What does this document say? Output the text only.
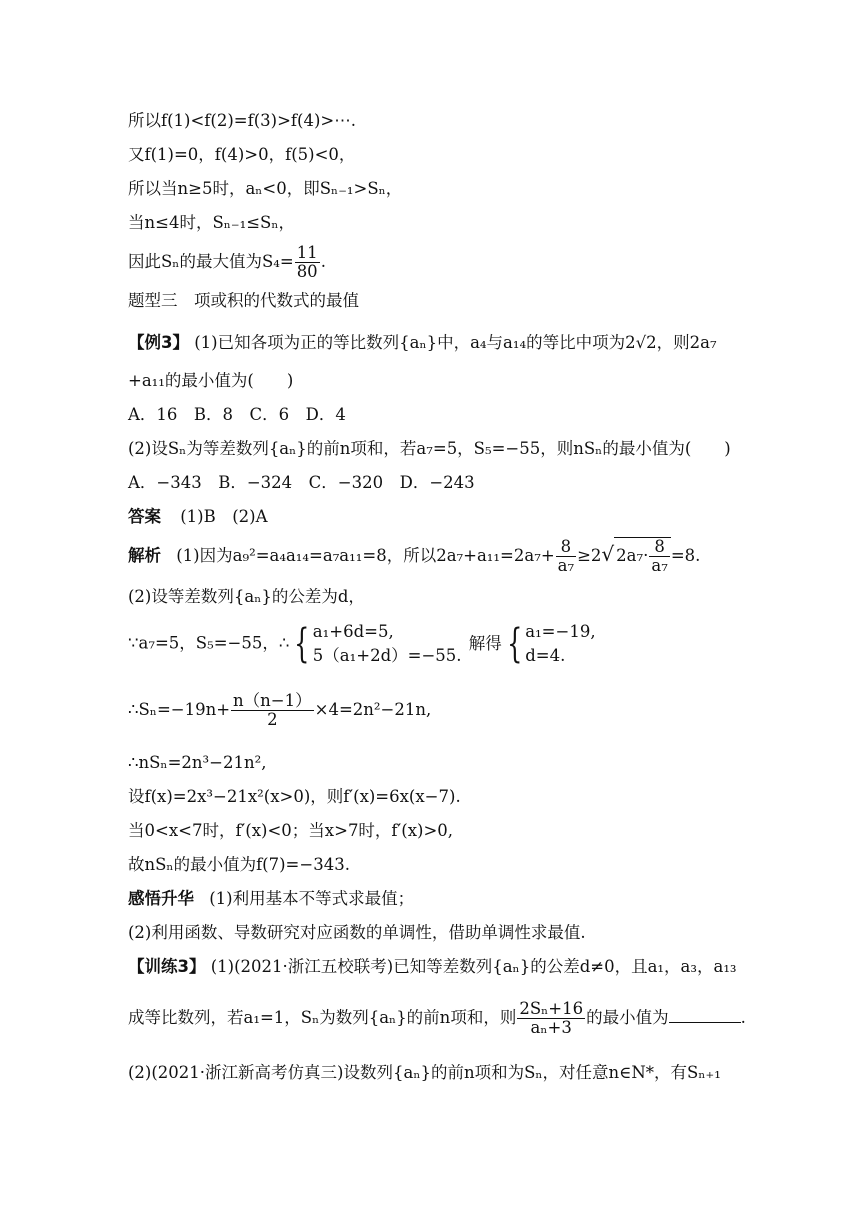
所以f(1)<f(2)=f(3)>f(4)>⋯.
又f(1)=0，f(4)>0，f(5)<0，
所以当n≥5时，aₙ<0，即Sₙ₋₁>Sₙ，
当n≤4时，Sₙ₋₁≤Sₙ，
因此Sₙ的最大值为$S_4= \frac{11}{80}$ .
题型三　项或积的代数式的最值
【例3】 (1)已知各项为正的等比数列{aₙ}中，a₄与a₁₄的等比中项为2√2，则2a₇
+a₁₁的最小值为(　　)
A．16　B．8　C．6　D．4
(2)设Sₙ为等差数列{aₙ}的前n项和，若a₇=5，S₅=−55，则nSₙ的最小值为(　　)
A．−343　B．−324　C．−320　D．−243
答案 (1)B　(2)A
解析 (1)因为a₉²=a₄a₁₄=a₇a₁₁=8，所以$2a_7+a_{11}=2a_7+ \frac{8}{\text{a₇}} \ge 2√$ $2a_7\cdot \frac{8}{\text{a₇}} =8$.
(2)设等差数列{aₙ}的公差为d，
∵a₇=5，S₅=−55，∴ { a₁+6d=5,
5（a₁+2d）=−55.
解得 { a₁=−19,
d=4.
∴Sₙ=−19n+ $\frac{n(n-1)}{2} \times 4=2n^2-21n$,
∴nSₙ=2n³−21n²,
设f(x)=2x³−21x²(x>0)，则f′(x)=6x(x−7).
当0<x<7时，f′(x)<0；当x>7时，f′(x)>0,
故nSₙ的最小值为f(7)=−343.
感悟升华 (1)利用基本不等式求最值；
(2)利用函数、导数研究对应函数的单调性，借助单调性求最值.
【训练3】 (1)(2021·浙江五校联考)已知等差数列{aₙ}的公差d≠0，且a₁，a₃，a₁₃
成等比数列，若a₁=1，Sₙ为数列{aₙ}的前n项和，则 $\frac{\text{2Sₙ+16}}{\text{aₙ+3}}$ 的最小值为	.
(2)(2021·浙江新高考仿真三)设数列{aₙ}的前n项和为Sₙ，对任意n∈N*，有Sₙ₊₁
